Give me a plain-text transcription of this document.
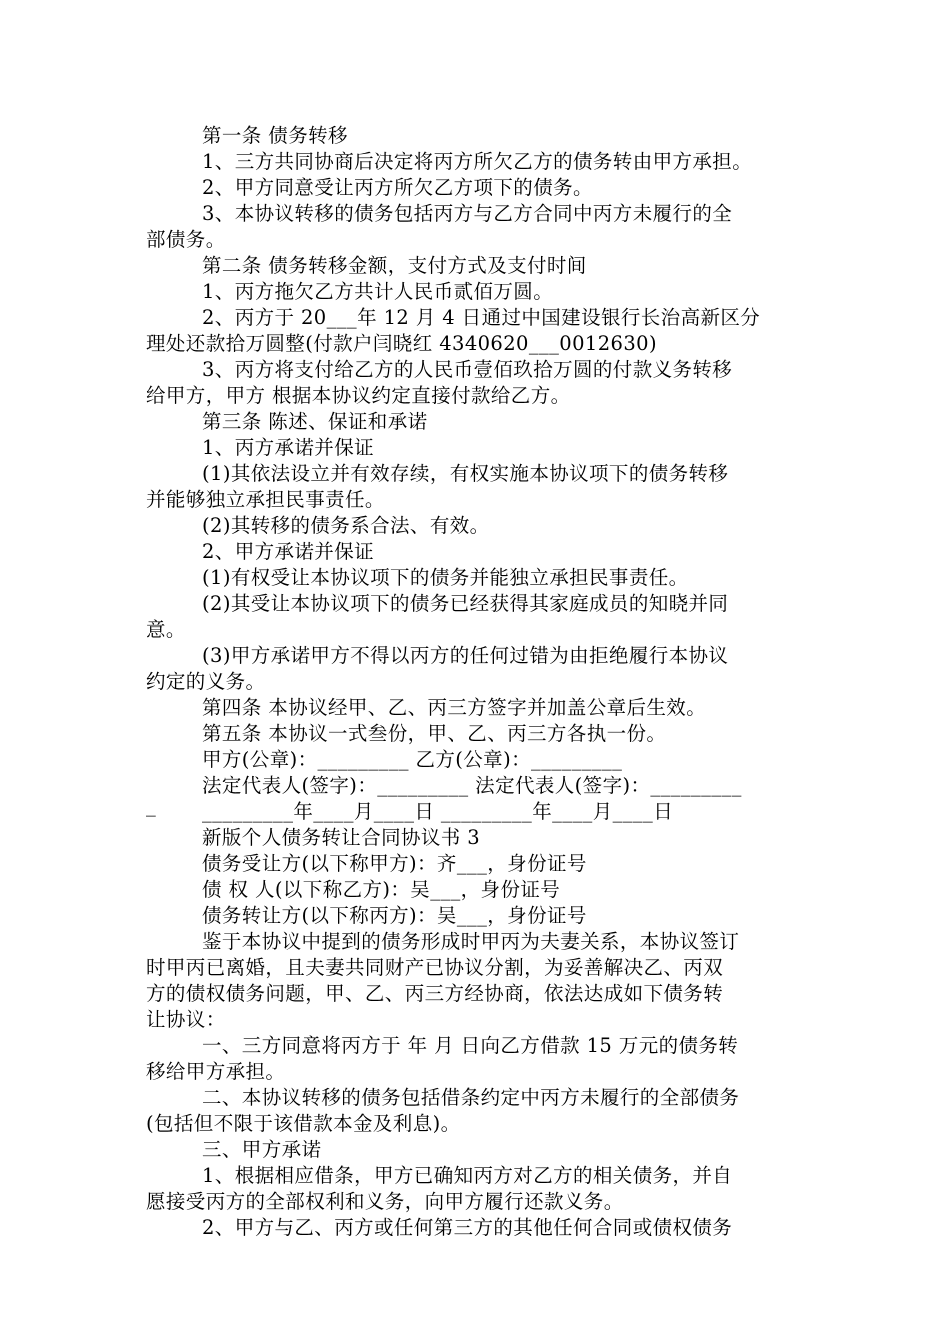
第一条 债务转移
1、三方共同协商后决定将丙方所欠乙方的债务转由甲方承担。
2、甲方同意受让丙方所欠乙方项下的债务。
3、本协议转移的债务包括丙方与乙方合同中丙方未履行的全
部债务。
第二条 债务转移金额，支付方式及支付时间
1、丙方拖欠乙方共计人民币贰佰万圆。
2、丙方于 20___年 12 月 4 日通过中国建设银行长治高新区分
理处还款拾万圆整(付款户闫晓红 4340620___0012630)
3、丙方将支付给乙方的人民币壹佰玖拾万圆的付款义务转移
给甲方，甲方 根据本协议约定直接付款给乙方。
第三条 陈述、保证和承诺
1、丙方承诺并保证
(1)其依法设立并有效存续，有权实施本协议项下的债务转移
并能够独立承担民事责任。
(2)其转移的债务系合法、有效。
2、甲方承诺并保证
(1)有权受让本协议项下的债务并能独立承担民事责任。
(2)其受让本协议项下的债务已经获得其家庭成员的知晓并同
意。
(3)甲方承诺甲方不得以丙方的任何过错为由拒绝履行本协议
约定的义务。
第四条 本协议经甲、乙、丙三方签字并加盖公章后生效。
第五条 本协议一式叁份，甲、乙、丙三方各执一份。
甲方(公章)：_________ 乙方(公章)：_________
法定代表人(签字)：_________ 法定代表人(签字)：_________
_	_________年____月____日 _________年____月____日
新版个人债务转让合同协议书 3
债务受让方(以下称甲方)：齐___，身份证号
债 权 人(以下称乙方)：吴___，身份证号
债务转让方(以下称丙方)：吴___，身份证号
鉴于本协议中提到的债务形成时甲丙为夫妻关系，本协议签订
时甲丙已离婚，且夫妻共同财产已协议分割，为妥善解决乙、丙双
方的债权债务问题，甲、乙、丙三方经协商，依法达成如下债务转
让协议：
一、三方同意将丙方于 年 月 日向乙方借款 15 万元的债务转
移给甲方承担。
二、本协议转移的债务包括借条约定中丙方未履行的全部债务
(包括但不限于该借款本金及利息)。
三、甲方承诺
1、根据相应借条，甲方已确知丙方对乙方的相关债务，并自
愿接受丙方的全部权利和义务，向甲方履行还款义务。
2、甲方与乙、丙方或任何第三方的其他任何合同或债权债务
